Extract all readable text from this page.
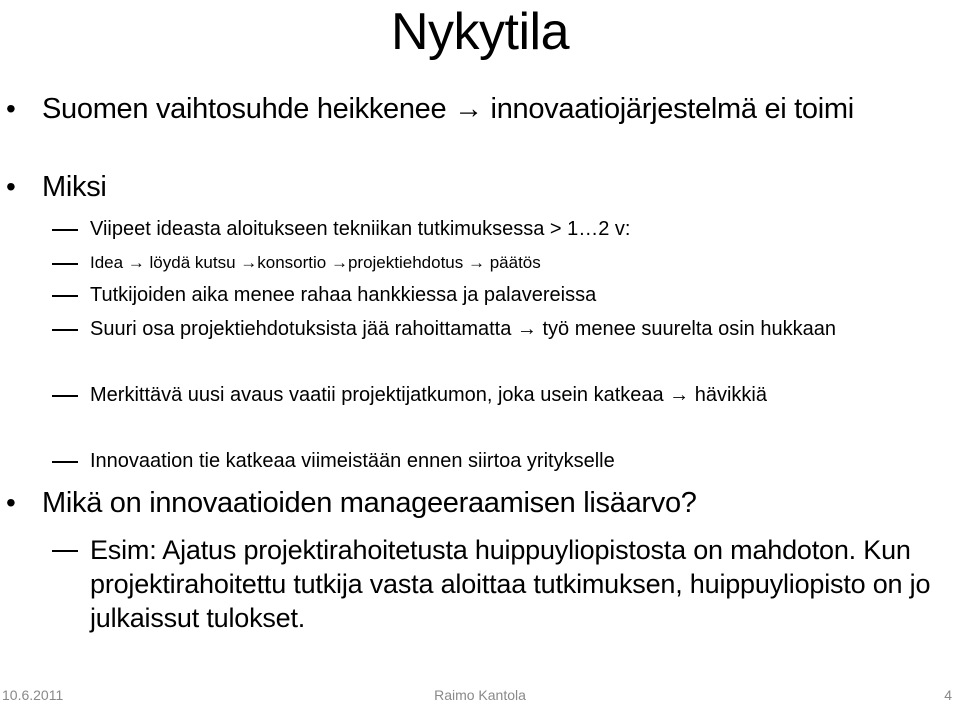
Nykytila
• Suomen vaihtosuhde heikkenee → innovaatiojärjestelmä ei toimi
• Miksi
Viipeet ideasta aloitukseen tekniikan tutkimuksessa > 1…2 v:
Idea → löydä kutsu →konsortio →projektiehdotus → päätös
Tutkijoiden aika menee rahaa hankkiessa ja palavereissa
Suuri osa projektiehdotuksista jää rahoittamatta → työ menee suurelta osin hukkaan
Merkittävä uusi avaus vaatii projektijatkumon, joka usein katkeaa → hävikkiä
Innovaation tie katkeaa viimeistään ennen siirtoa yritykselle
• Mikä on innovaatioiden manageeraamisen lisäarvo?
Esim: Ajatus projektirahoitetusta huippuyliopistosta on mahdoton. Kun projektirahoitettu tutkija vasta aloittaa tutkimuksen, huippuyliopisto on jo julkaissut tulokset.
10.6.2011	Raimo Kantola	4
